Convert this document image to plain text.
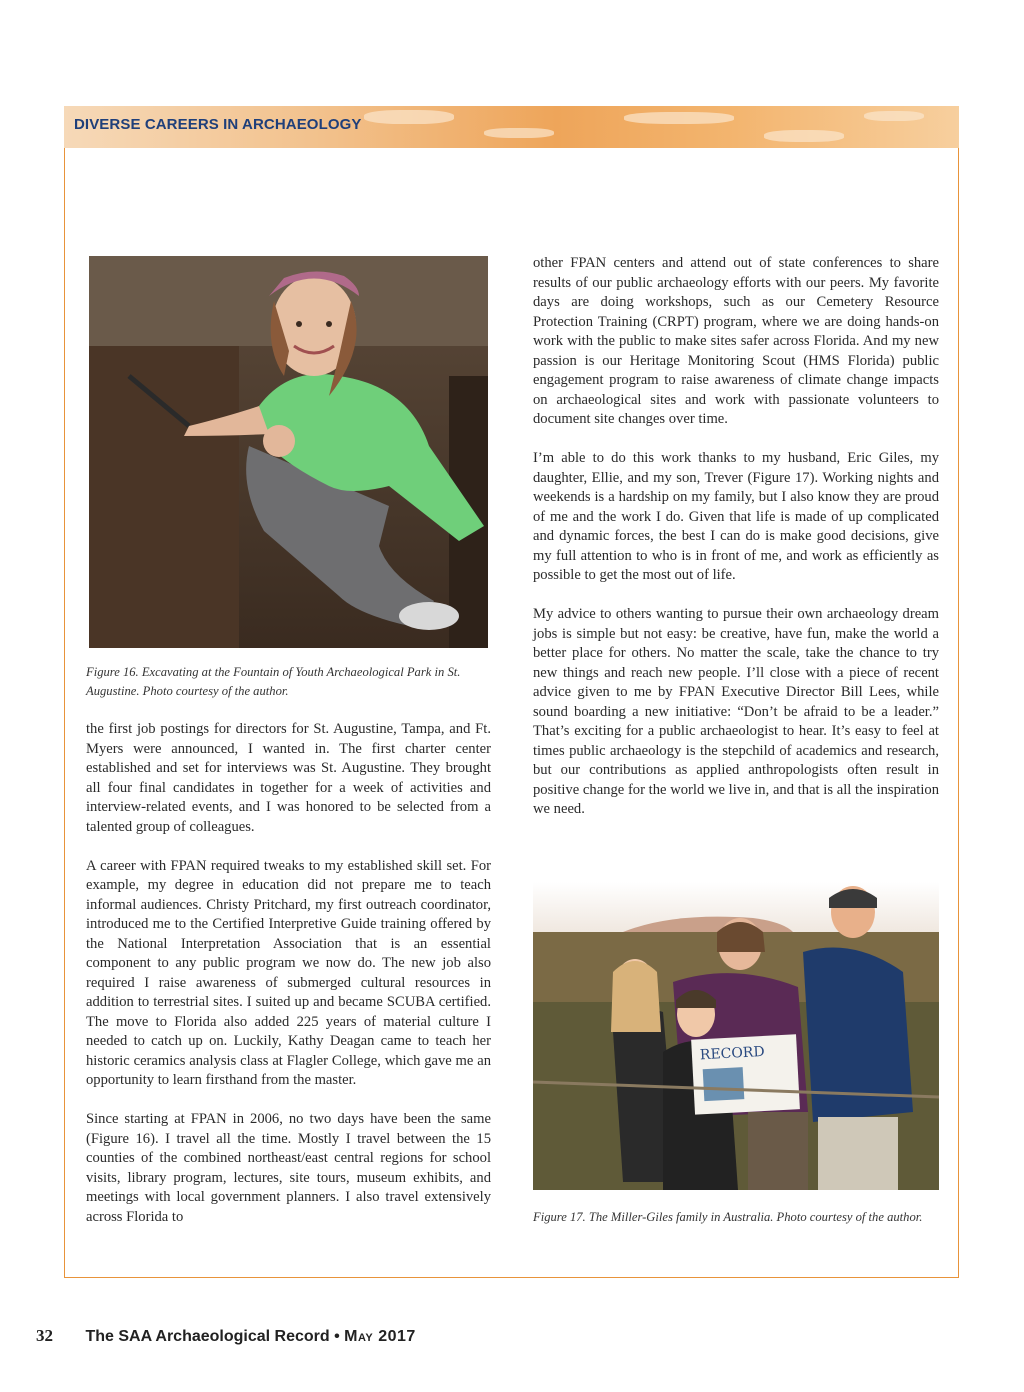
DIVERSE CAREERS IN ARCHAEOLOGY
Figure 16. Excavating at the Fountain of Youth Archaeological Park in St. Augustine. Photo courtesy of the author.

the first job postings for directors for St. Augustine, Tampa, and Ft. Myers were announced, I wanted in. The first charter center established and set for interviews was St. Augustine. They brought all four final candidates in together for a week of activities and interview-related events, and I was honored to be selected from a talented group of colleagues.

A career with FPAN required tweaks to my established skill set. For example, my degree in education did not prepare me to teach informal audiences. Christy Pritchard, my first outreach coordinator, introduced me to the Certified Interpretive Guide training offered by the National Interpretation Association that is an essential component to any public program we now do. The new job also required I raise awareness of submerged cultural resources in addition to terrestrial sites. I suited up and became SCUBA certified. The move to Florida also added 225 years of material culture I needed to catch up on. Luckily, Kathy Deagan came to teach her historic ceramics analysis class at Flagler College, which gave me an opportunity to learn firsthand from the master.

Since starting at FPAN in 2006, no two days have been the same (Figure 16). I travel all the time. Mostly I travel between the 15 counties of the combined northeast/east central regions for school visits, library program, lectures, site tours, museum exhibits, and meetings with local government planners. I also travel extensively across Florida to

other FPAN centers and attend out of state conferences to share results of our public archaeology efforts with our peers. My favorite days are doing workshops, such as our Cemetery Resource Protection Training (CRPT) program, where we are doing hands-on work with the public to make sites safer across Florida. And my new passion is our Heritage Monitoring Scout (HMS Florida) public engagement program to raise awareness of climate change impacts on archaeological sites and work with passionate volunteers to document site changes over time.

I’m able to do this work thanks to my husband, Eric Giles, my daughter, Ellie, and my son, Trever (Figure 17). Working nights and weekends is a hardship on my family, but I also know they are proud of me and the work I do. Given that life is made of up complicated and dynamic forces, the best I can do is make good decisions, give my full attention to who is in front of me, and work as efficiently as possible to get the most out of life.

My advice to others wanting to pursue their own archaeology dream jobs is simple but not easy: be creative, have fun, make the world a better place for others. No matter the scale, take the chance to try new things and reach new people. I’ll close with a piece of recent advice given to me by FPAN Executive Director Bill Lees, while sound boarding a new initiative: “Don’t be afraid to be a leader.” That’s exciting for a public archaeologist to hear. It’s easy to feel at times public archaeology is the stepchild of academics and research, but our contributions as applied anthropologists often result in positive change for the world we live in, and that is all the inspiration we need.

RECORD
Figure 17. The Miller-Giles family in Australia. Photo courtesy of the author.
32 The SAA Archaeological Record • May 2017
